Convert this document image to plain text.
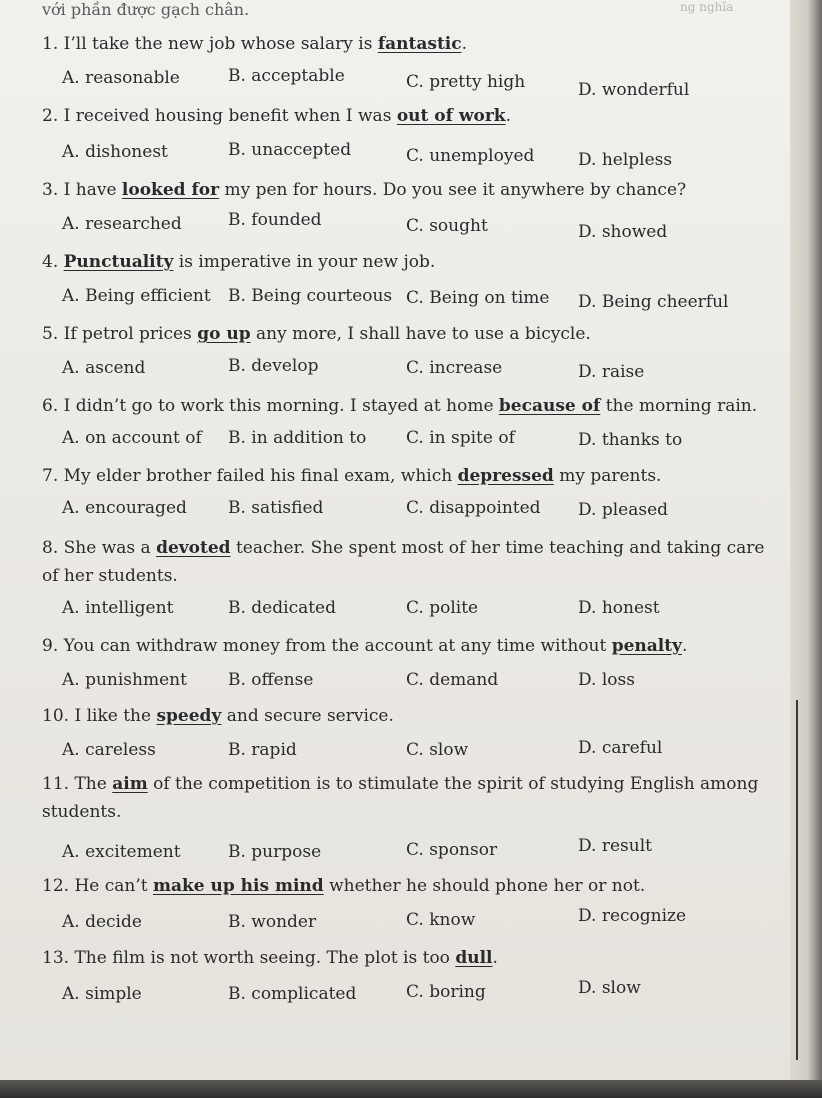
với phần được gạch chân.	ng nghĩa
1. I’ll take the new job whose salary is fantastic.
A. reasonable	B. acceptable	C. pretty high	D. wonderful
2. I received housing benefit when I was out of work.
A. dishonest	B. unaccepted	C. unemployed	D. helpless
3. I have looked for my pen for hours. Do you see it anywhere by chance?
A. researched	B. founded	C. sought	D. showed
4. Punctuality is imperative in your new job.
A. Being efficient B. Being courteous C. Being on time D. Being cheerful
5. If petrol prices go up any more, I shall have to use a bicycle.
A. ascend	B. develop	C. increase	D. raise
6. I didn’t go to work this morning. I stayed at home because of the morning rain.
A. on account of B. in addition to C. in spite of	D. thanks to
7. My elder brother failed his final exam, which depressed my parents.
A. encouraged B. satisfied	C. disappointed D. pleased
8. She was a devoted teacher. She spent most of her time teaching and taking care of her students.
A. intelligent	B. dedicated	C. polite	D. honest
9. You can withdraw money from the account at any time without penalty.
A. punishment B. offense	C. demand	D. loss
10. I like the speedy and secure service.
A. careless	B. rapid	C. slow	D. careful
11. The aim of the competition is to stimulate the spirit of studying English among students.
A. excitement	B. purpose	C. sponsor	D. result
12. He can’t make up his mind whether he should phone her or not.
A. decide	B. wonder	C. know	D. recognize
13. The film is not worth seeing. The plot is too dull.
A. simple	B. complicated	C. boring	D. slow
